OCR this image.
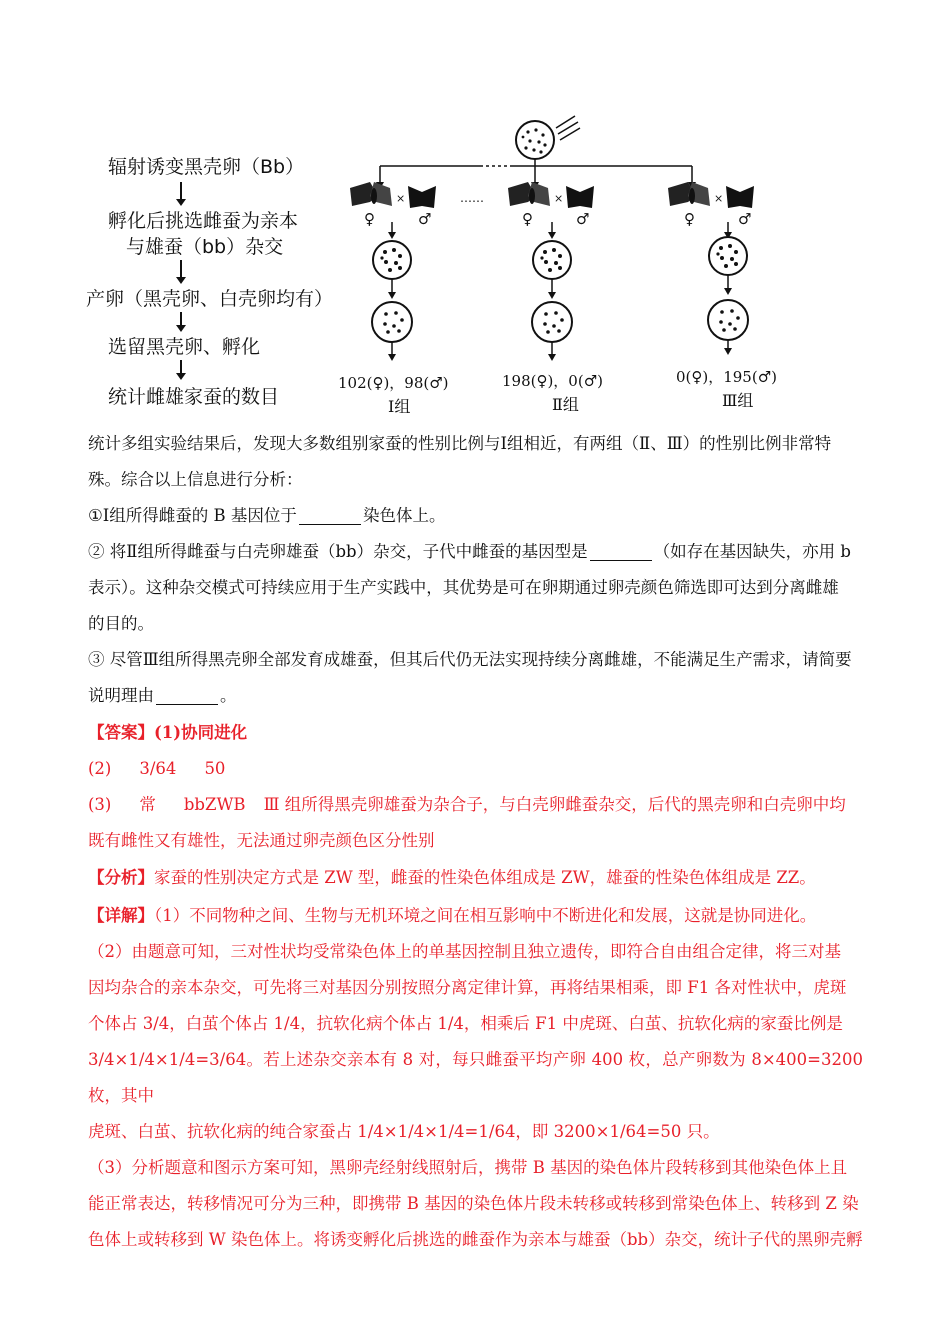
辐射诱变黑壳卵（Bb）
孵化后挑选雌蚕为亲本
与雄蚕（bb）杂交
产卵（黑壳卵、白壳卵均有）
选留黑壳卵、孵化
统计雌雄家蚕的数目
×	×	×
……
♀	♂	♀	♂	♀	♂
102(♀)，98(♂)	198(♀)，0(♂)	0(♀)，195(♂)
Ⅰ组	Ⅱ组	Ⅲ组
统计多组实验结果后，发现大多数组别家蚕的性别比例与Ⅰ组相近，有两组（Ⅱ、Ⅲ）的性别比例非常特
殊。综合以上信息进行分析：
①Ⅰ组所得雌蚕的 B 基因位于	染色体上。
② 将Ⅱ组所得雌蚕与白壳卵雄蚕（bb）杂交，子代中雌蚕的基因型是	（如存在基因缺失，亦用 b
表示）。这种杂交模式可持续应用于生产实践中，其优势是可在卵期通过卵壳颜色筛选即可达到分离雌雄
的目的。
③ 尽管Ⅲ组所得黑壳卵全部发育成雄蚕，但其后代仍无法实现持续分离雌雄，不能满足生产需求，请简要
说明理由	。
【答案】(1)协同进化
(2) 3/64 50
(3) 常 bbZWB Ⅲ 组所得黑壳卵雄蚕为杂合子，与白壳卵雌蚕杂交，后代的黑壳卵和白壳卵中均
既有雌性又有雄性，无法通过卵壳颜色区分性别
【分析】家蚕的性别决定方式是 ZW 型，雌蚕的性染色体组成是 ZW，雄蚕的性染色体组成是 ZZ。
【详解】（1）不同物种之间、生物与无机环境之间在相互影响中不断进化和发展，这就是协同进化。
（2）由题意可知，三对性状均受常染色体上的单基因控制且独立遗传，即符合自由组合定律，将三对基
因均杂合的亲本杂交，可先将三对基因分别按照分离定律计算，再将结果相乘，即 F1 各对性状中，虎斑
个体占 3/4，白茧个体占 1/4，抗软化病个体占 1/4，相乘后 F1 中虎斑、白茧、抗软化病的家蚕比例是
3/4×1/4×1/4=3/64。若上述杂交亲本有 8 对，每只雌蚕平均产卵 400 枚，总产卵数为 8×400=3200 枚，其中
虎斑、白茧、抗软化病的纯合家蚕占 1/4×1/4×1/4=1/64，即 3200×1/64=50 只。
（3）分析题意和图示方案可知，黑卵壳经射线照射后，携带 B 基因的染色体片段转移到其他染色体上且
能正常表达，转移情况可分为三种，即携带 B 基因的染色体片段未转移或转移到常染色体上、转移到 Z 染
色体上或转移到 W 染色体上。将诱变孵化后挑选的雌蚕作为亲本与雄蚕（bb）杂交，统计子代的黑卵壳孵
